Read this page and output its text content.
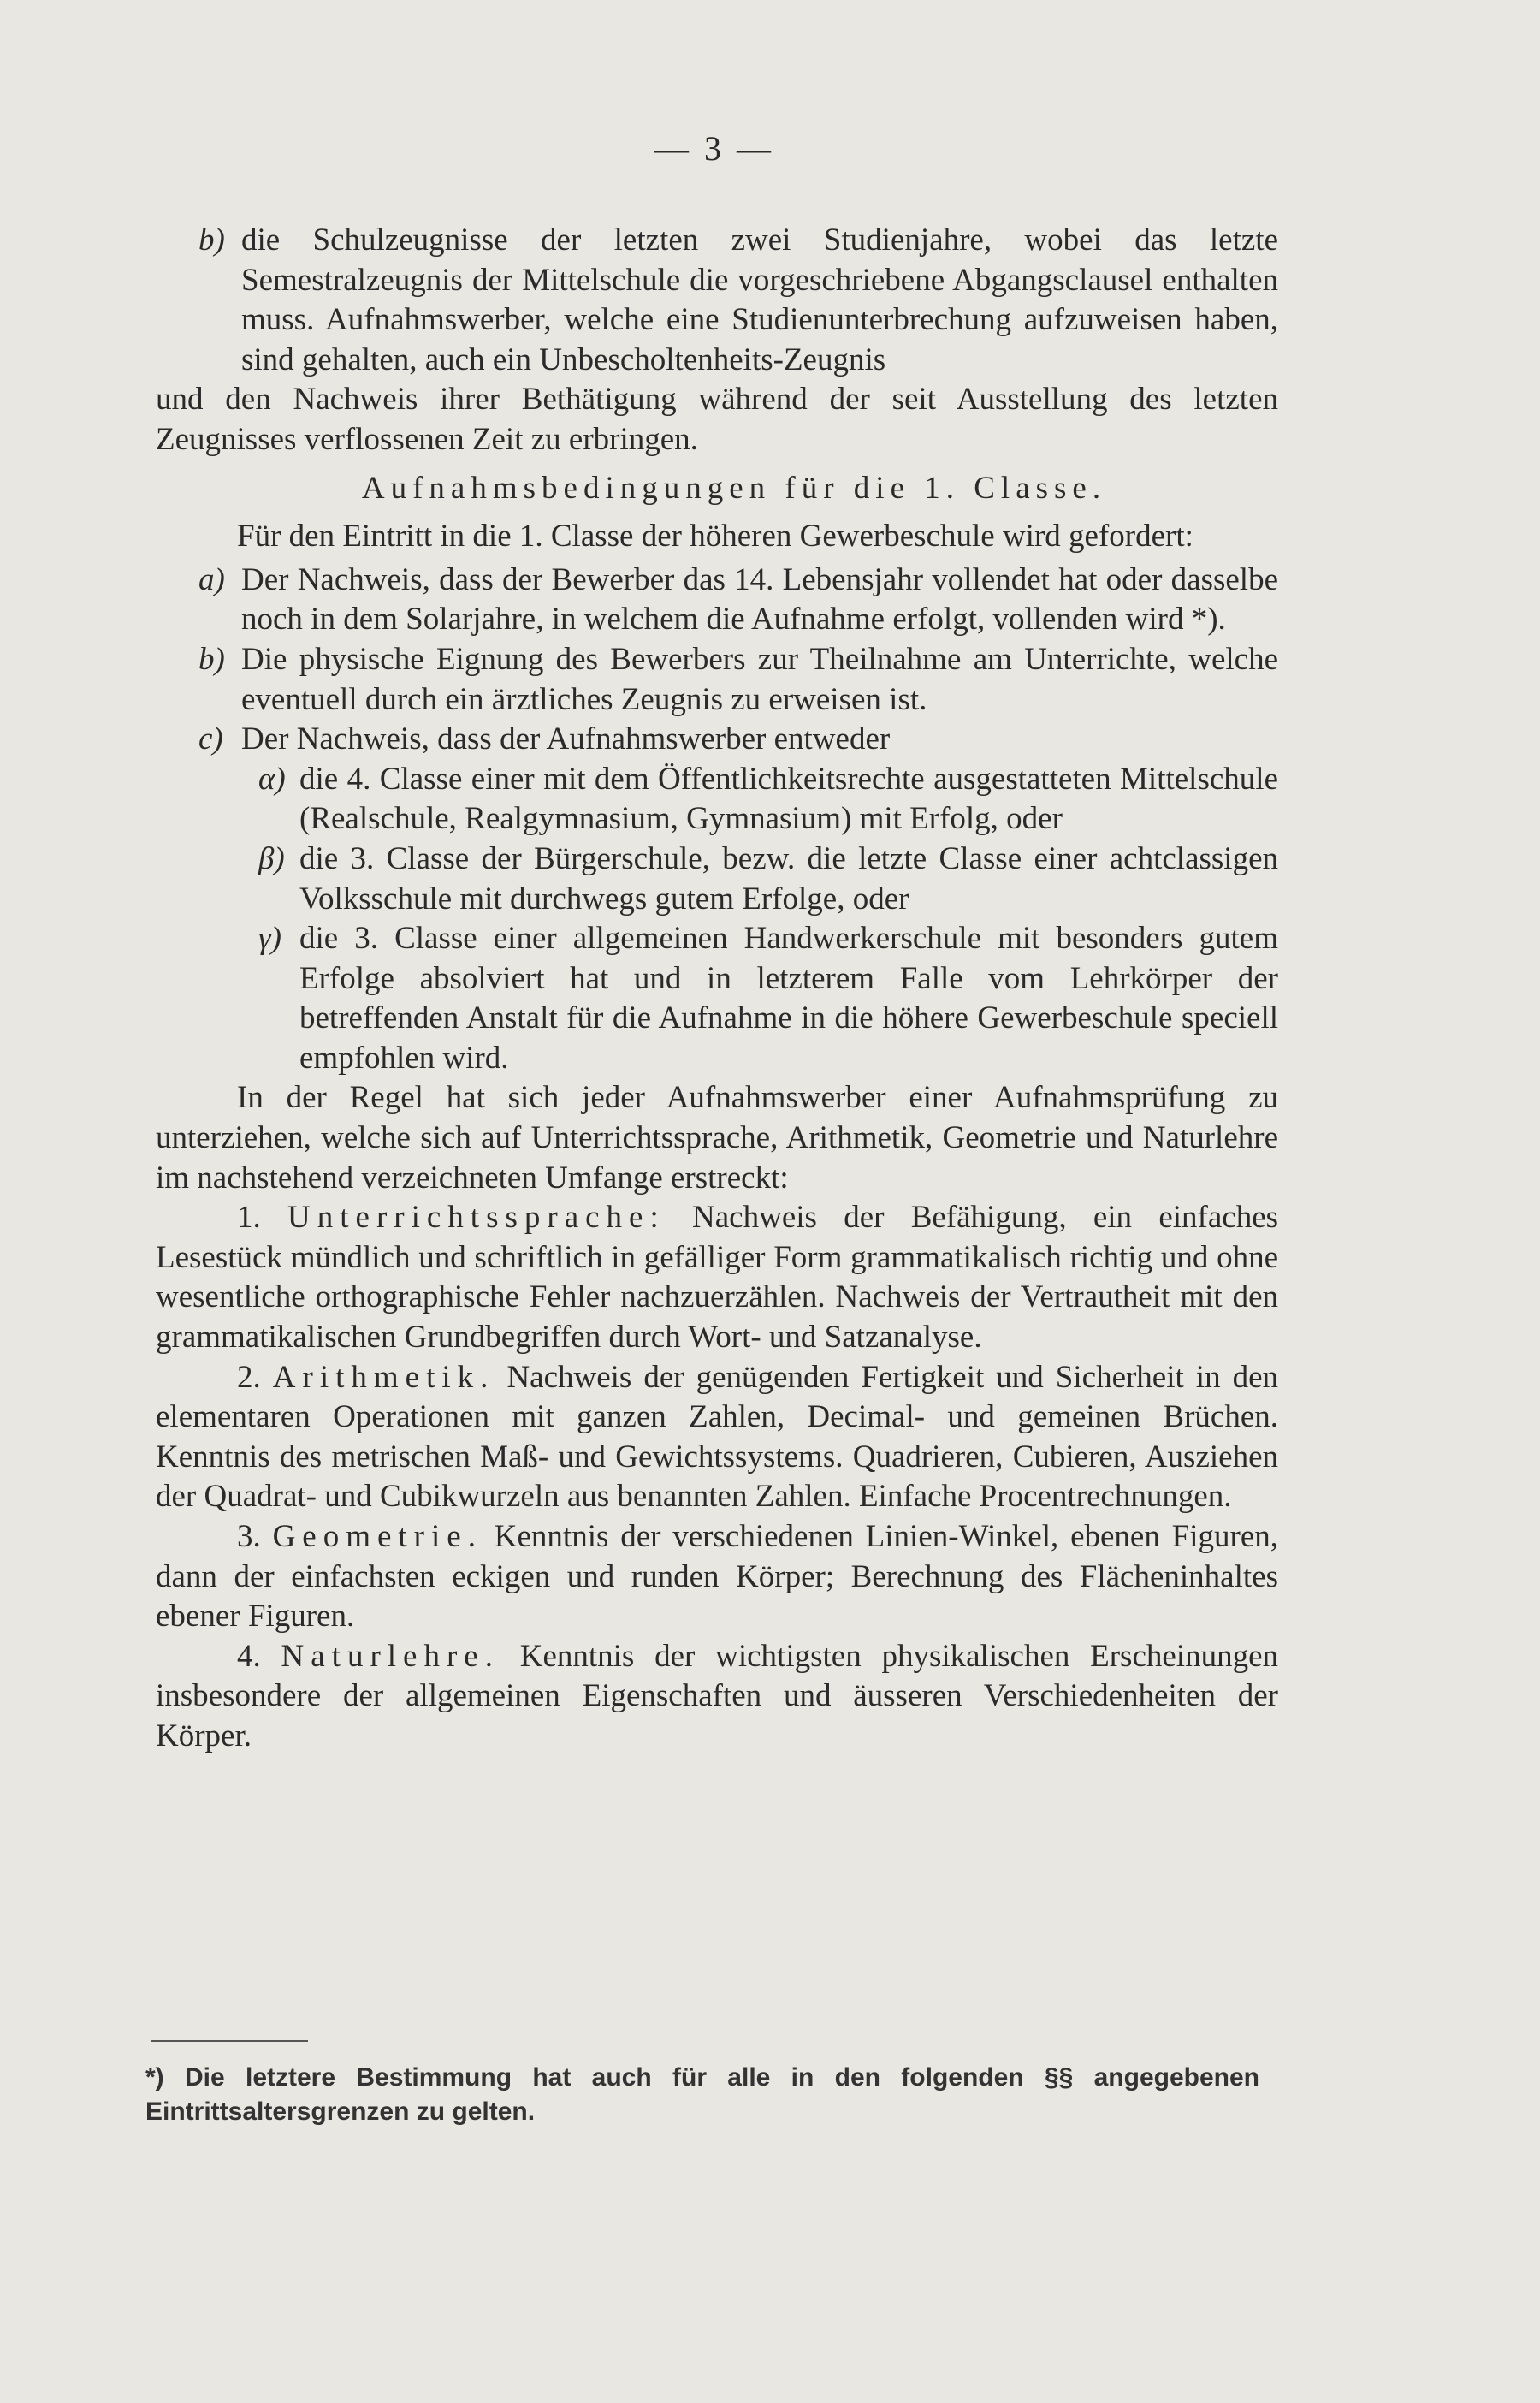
— 3 —
b) die Schulzeugnisse der letzten zwei Studienjahre, wobei das letzte Semestralzeugnis der Mittelschule die vorgeschriebene Abgangsclausel enthalten muss. Aufnahmswerber, welche eine Studienunterbrechung aufzuweisen haben, sind gehalten, auch ein Unbescholtenheits-Zeugnis
und den Nachweis ihrer Bethätigung während der seit Ausstellung des letzten Zeugnisses verflossenen Zeit zu erbringen.
Aufnahmsbedingungen für die 1. Classe.
Für den Eintritt in die 1. Classe der höheren Gewerbeschule wird gefordert:
a) Der Nachweis, dass der Bewerber das 14. Lebensjahr vollendet hat oder dasselbe noch in dem Solarjahre, in welchem die Aufnahme erfolgt, vollenden wird *).
b) Die physische Eignung des Bewerbers zur Theilnahme am Unterrichte, welche eventuell durch ein ärztliches Zeugnis zu erweisen ist.
c) Der Nachweis, dass der Aufnahmswerber entweder
α) die 4. Classe einer mit dem Öffentlichkeitsrechte ausgestatteten Mittelschule (Realschule, Realgymnasium, Gymnasium) mit Erfolg, oder
β) die 3. Classe der Bürgerschule, bezw. die letzte Classe einer achtclassigen Volksschule mit durchwegs gutem Erfolge, oder
γ) die 3. Classe einer allgemeinen Handwerkerschule mit besonders gutem Erfolge absolviert hat und in letzterem Falle vom Lehrkörper der betreffenden Anstalt für die Aufnahme in die höhere Gewerbeschule speciell empfohlen wird.
In der Regel hat sich jeder Aufnahmswerber einer Aufnahmsprüfung zu unterziehen, welche sich auf Unterrichtssprache, Arithmetik, Geometrie und Naturlehre im nachstehend verzeichneten Umfange erstreckt:
1. Unterrichtssprache: Nachweis der Befähigung, ein einfaches Lesestück mündlich und schriftlich in gefälliger Form grammatikalisch richtig und ohne wesentliche orthographische Fehler nachzuerzählen. Nachweis der Vertrautheit mit den grammatikalischen Grundbegriffen durch Wort- und Satzanalyse.
2. Arithmetik. Nachweis der genügenden Fertigkeit und Sicherheit in den elementaren Operationen mit ganzen Zahlen, Decimal- und gemeinen Brüchen. Kenntnis des metrischen Maß- und Gewichtssystems. Quadrieren, Cubieren, Ausziehen der Quadrat- und Cubikwurzeln aus benannten Zahlen. Einfache Procentrechnungen.
3. Geometrie. Kenntnis der verschiedenen Linien-Winkel, ebenen Figuren, dann der einfachsten eckigen und runden Körper; Berechnung des Flächeninhaltes ebener Figuren.
4. Naturlehre. Kenntnis der wichtigsten physikalischen Erscheinungen insbesondere der allgemeinen Eigenschaften und äusseren Verschiedenheiten der Körper.
*) Die letztere Bestimmung hat auch für alle in den folgenden §§ angegebenen Eintrittsaltersgrenzen zu gelten.
